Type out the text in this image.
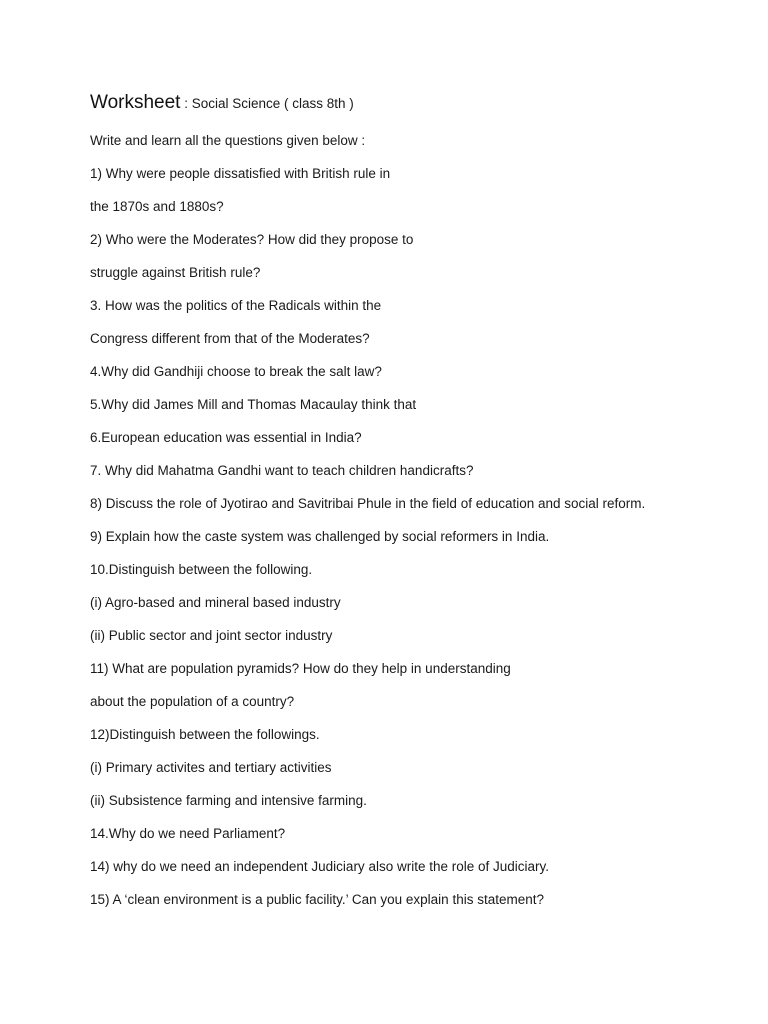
Worksheet : Social Science ( class 8th )
Write and learn all the questions given below :
1) Why were people dissatisfied with British rule in
the 1870s and 1880s?
2) Who were the Moderates? How did they propose to
struggle against British rule?
3. How was the politics of the Radicals within the
Congress different from that of the Moderates?
4.Why did Gandhiji choose to break the salt law?
5.Why did James Mill and Thomas Macaulay think that
6.European education was essential in India?
7. Why did Mahatma Gandhi want to teach children handicrafts?
8) Discuss the role of Jyotirao and Savitribai Phule in the field of education and social reform.
9) Explain how the caste system was challenged by social reformers in India.
10.Distinguish between the following.
(i) Agro-based and mineral based industry
(ii) Public sector and joint sector industry
11) What are population pyramids? How do they help in understanding
about the population of a country?
12)Distinguish between the followings.
(i) Primary activites and tertiary activities
(ii) Subsistence farming and intensive farming.
14.Why do we need Parliament?
14) why do we need an independent Judiciary also write the role of Judiciary.
15) A ‘clean environment is a public facility.’ Can you explain this statement?
